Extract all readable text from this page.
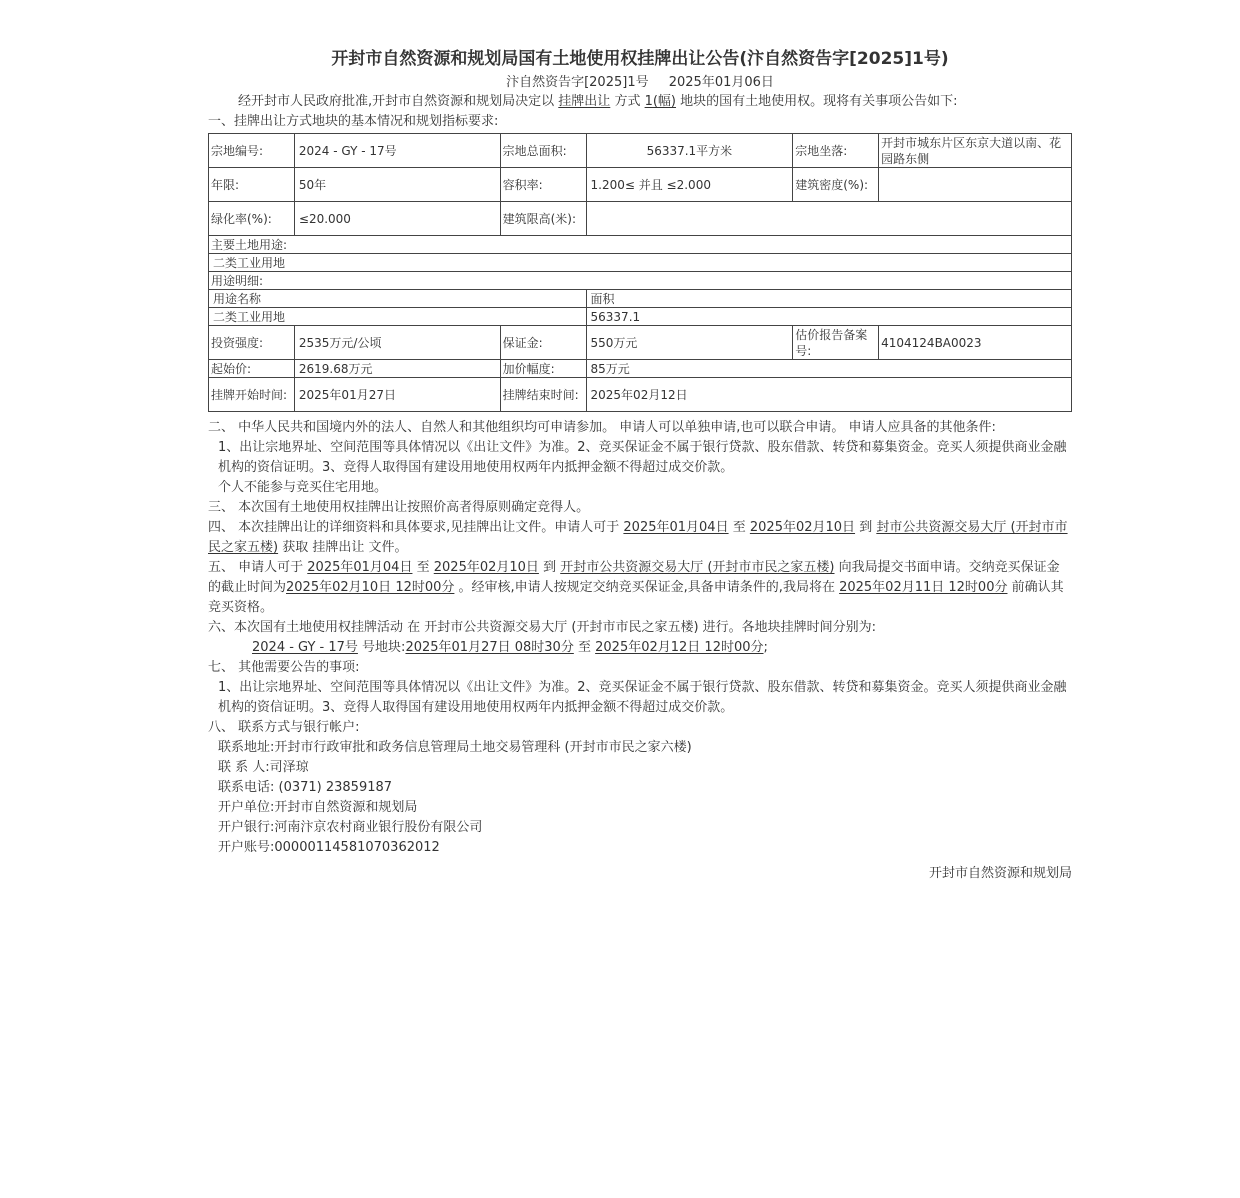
开封市自然资源和规划局国有土地使用权挂牌出让公告(汴自然资告字[2025]1号)
汴自然资告字[2025]1号 2025年01月06日

经开封市人民政府批准,开封市自然资源和规划局决定以 挂牌出让 方式 1(幅) 地块的国有土地使用权。现将有关事项公告如下:

一、挂牌出让方式地块的基本情况和规划指标要求:

宗地编号:	2024 - GY - 17号	宗地总面积:	56337.1平方米	宗地坐落:	开封市城东片区东京大道以南、花园路东侧
年限:	50年	容积率:	1.200≤ 并且 ≤2.000	建筑密度(%):	
绿化率(%):	≤20.000	建筑限高(米):			
主要土地用途:					
二类工业用地					
用途明细:					
用途名称			面积		
二类工业用地			56337.1		
投资强度:	2535万元/公顷	保证金:	550万元	估价报告备案号:	4104124BA0023
起始价:	2619.68万元	加价幅度:	85万元		
挂牌开始时间:	2025年01月27日	挂牌结束时间:	2025年02月12日		

二、 中华人民共和国境内外的法人、自然人和其他组织均可申请参加。 申请人可以单独申请,也可以联合申请。 申请人应具备的其他条件:

1、出让宗地界址、空间范围等具体情况以《出让文件》为准。2、竞买保证金不属于银行贷款、股东借款、转贷和募集资金。竞买人须提供商业金融机构的资信证明。3、竞得人取得国有建设用地使用权两年内抵押金额不得超过成交价款。

个人不能参与竞买住宅用地。

三、 本次国有土地使用权挂牌出让按照价高者得原则确定竞得人。

四、 本次挂牌出让的详细资料和具体要求,见挂牌出让文件。申请人可于 2025年01月04日 至 2025年02月10日 到 封市公共资源交易大厅 (开封市市民之家五楼) 获取 挂牌出让 文件。

五、 申请人可于 2025年01月04日 至 2025年02月10日 到 开封市公共资源交易大厅 (开封市市民之家五楼) 向我局提交书面申请。交纳竞买保证金的截止时间为2025年02月10日 12时00分 。经审核,申请人按规定交纳竞买保证金,具备申请条件的,我局将在 2025年02月11日 12时00分 前确认其竞买资格。

六、本次国有土地使用权挂牌活动 在 开封市公共资源交易大厅 (开封市市民之家五楼) 进行。各地块挂牌时间分别为:

2024 - GY - 17号 号地块:2025年01月27日 08时30分 至 2025年02月12日 12时00分;

七、 其他需要公告的事项:

1、出让宗地界址、空间范围等具体情况以《出让文件》为准。2、竞买保证金不属于银行贷款、股东借款、转贷和募集资金。竞买人须提供商业金融机构的资信证明。3、竞得人取得国有建设用地使用权两年内抵押金额不得超过成交价款。

八、 联系方式与银行帐户:

联系地址:开封市行政审批和政务信息管理局土地交易管理科 (开封市市民之家六楼)

联 系 人:司泽琼

联系电话: (0371) 23859187

开户单位:开封市自然资源和规划局

开户银行:河南汴京农村商业银行股份有限公司

开户账号:00000114581070362012

开封市自然资源和规划局
